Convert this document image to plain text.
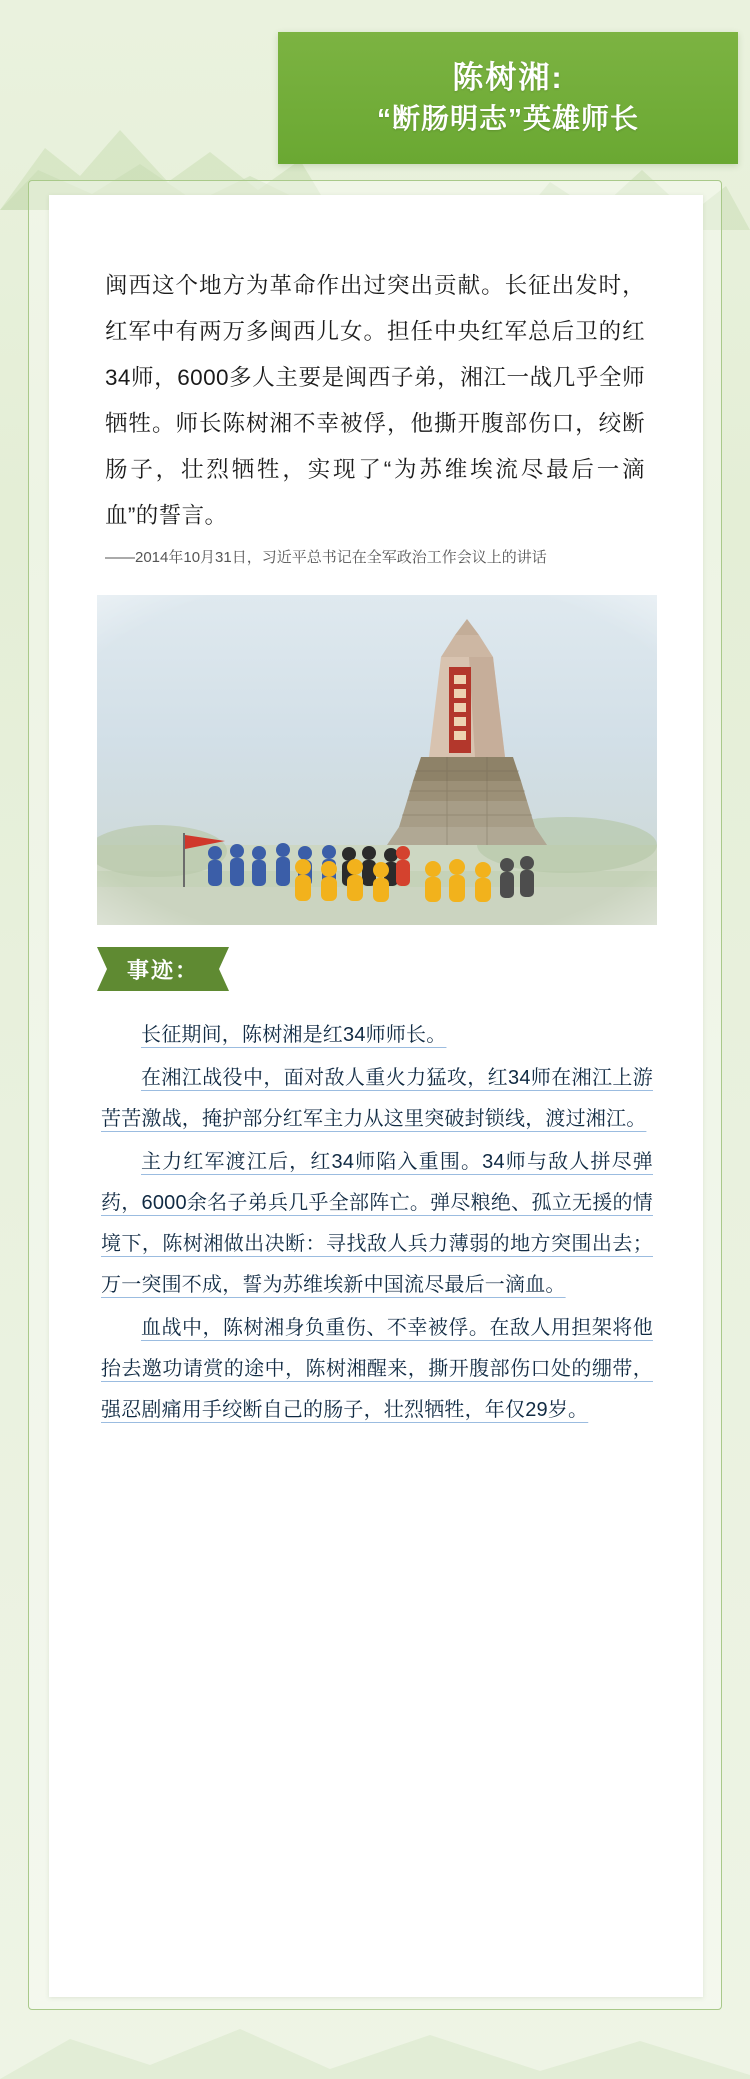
陈树湘:
“断肠明志”英雄师长
闽西这个地方为革命作出过突出贡献。长征出发时，红军中有两万多闽西儿女。担任中央红军总后卫的红34师，6000多人主要是闽西子弟，湘江一战几乎全师牺牲。师长陈树湘不幸被俘，他撕开腹部伤口，绞断肠子，壮烈牺牲，实现了“为苏维埃流尽最后一滴血”的誓言。
——2014年10月31日，习近平总书记在全军政治工作会议上的讲话
事迹：

长征期间，陈树湘是红34师师长。

在湘江战役中，面对敌人重火力猛攻，红34师在湘江上游苦苦激战，掩护部分红军主力从这里突破封锁线，渡过湘江。

主力红军渡江后，红34师陷入重围。34师与敌人拼尽弹药，6000余名子弟兵几乎全部阵亡。弹尽粮绝、孤立无援的情境下，陈树湘做出决断：寻找敌人兵力薄弱的地方突围出去；万一突围不成，誓为苏维埃新中国流尽最后一滴血。

血战中，陈树湘身负重伤、不幸被俘。在敌人用担架将他抬去邀功请赏的途中，陈树湘醒来，撕开腹部伤口处的绷带，强忍剧痛用手绞断自己的肠子，壮烈牺牲，年仅29岁。
